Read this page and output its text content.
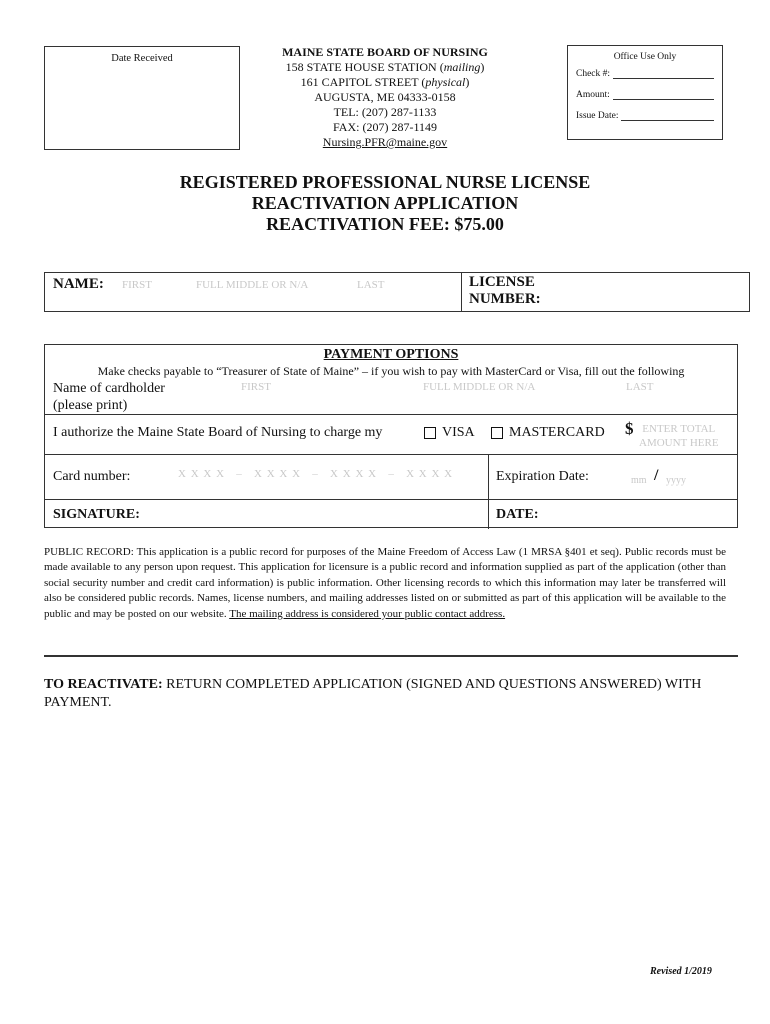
Date Received	MAINE STATE BOARD OF NURSING
158 STATE HOUSE STATION (mailing)
161 CAPITOL STREET (physical)
AUGUSTA, ME 04333-0158
TEL: (207) 287-1133
FAX: (207) 287-1149
Nursing.PFR@maine.gov
Office Use Only
Check #:
Amount:
Issue Date:
REGISTERED PROFESSIONAL NURSE LICENSE
REACTIVATION APPLICATION
REACTIVATION FEE: $75.00
NAME: FIRST	FULL MIDDLE OR N/A	LAST	LICENSE
NUMBER:
PAYMENT OPTIONS
Make checks payable to “Treasurer of State of Maine” – if you wish to pay with MasterCard or Visa, fill out the following
Name of cardholder
(please print)
FIRST	FULL MIDDLE OR N/A	LAST
I authorize the Maine State Board of Nursing to charge my	VISA MASTERCARD $ ENTER TOTAL
AMOUNT HERE
Card number:	X X X X   –   X X X X   –   X X X X   –   X X X X	Expiration Date:	mm / yyyy
SIGNATURE:	DATE:
PUBLIC RECORD: This application is a public record for purposes of the Maine Freedom of Access Law (1 MRSA §401 et seq). Public records must be made available to any person upon request. This application for licensure is a public record and information supplied as part of the application (other than social security number and credit card information) is public information. Other licensing records to which this information may later be transferred will also be considered public records. Names, license numbers, and mailing addresses listed on or submitted as part of this application will be available to the public and may be posted on our website. The mailing address is considered your public contact address.
TO REACTIVATE: RETURN COMPLETED APPLICATION (SIGNED AND QUESTIONS ANSWERED) WITH PAYMENT.
Revised 1/2019
